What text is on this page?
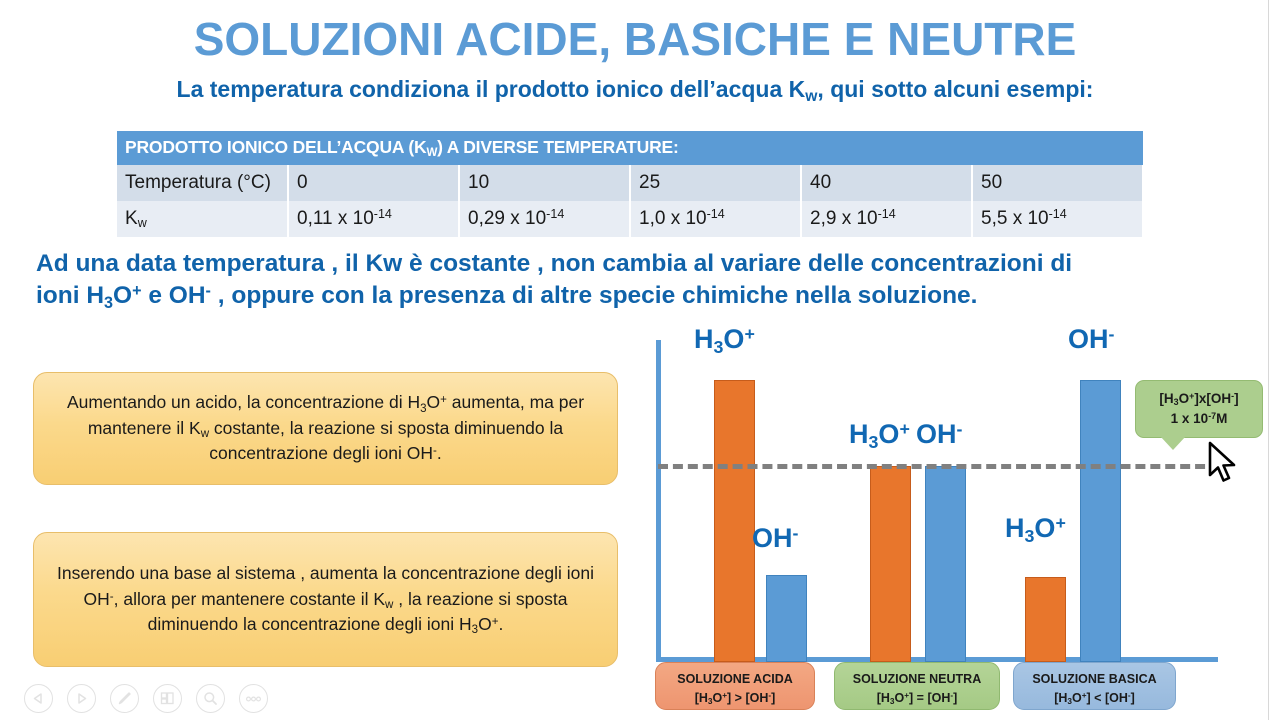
SOLUZIONI ACIDE, BASICHE E NEUTRE
La temperatura condiziona il prodotto ionico dell’acqua $K_w$, qui sotto alcuni esempi:
PRODOTTO IONICO DELL’ACQUA $(K_W)$ A DIVERSE TEMPERATURE:					
Temperatura (°C)	0	10	25	40	50
$K_w$	0,11 x $10^{-14}$	0,29 x $10^{-14}$	1,0 x $10^{-14}$	2,9 x $10^{-14}$	5,5 x $10^{-14}$
Ad una data temperatura , il Kw è costante , non cambia al variare delle concentrazioni di
ioni $H_3O^+$ e OH- , oppure con la presenza di altre specie chimiche nella soluzione.
Aumentando un acido, la concentrazione di $H_3O^+$ aumenta, ma per mantenere il $K_w$ costante, la reazione si sposta diminuendo la concentrazione degli ioni OH-.
Inserendo una base al sistema , aumenta la concentrazione degli ioni OH-, allora per mantenere costante il $K_w$ , la reazione si sposta diminuendo la concentrazione degli ioni $H_3O^+$.
$H_3O^+$
OH-
$H_3O^+$ OH-
$H_3O^+$
OH-
$[H_3O^+]x[OH^-]$
1 x $10^{-7}M$
SOLUZIONE ACIDA
$[H_3O^+] > [OH^-]$
SOLUZIONE NEUTRA
$[H_3O^+] = [OH^-]$
SOLUZIONE BASICA
$[H_3O^+] < [OH^-]$
